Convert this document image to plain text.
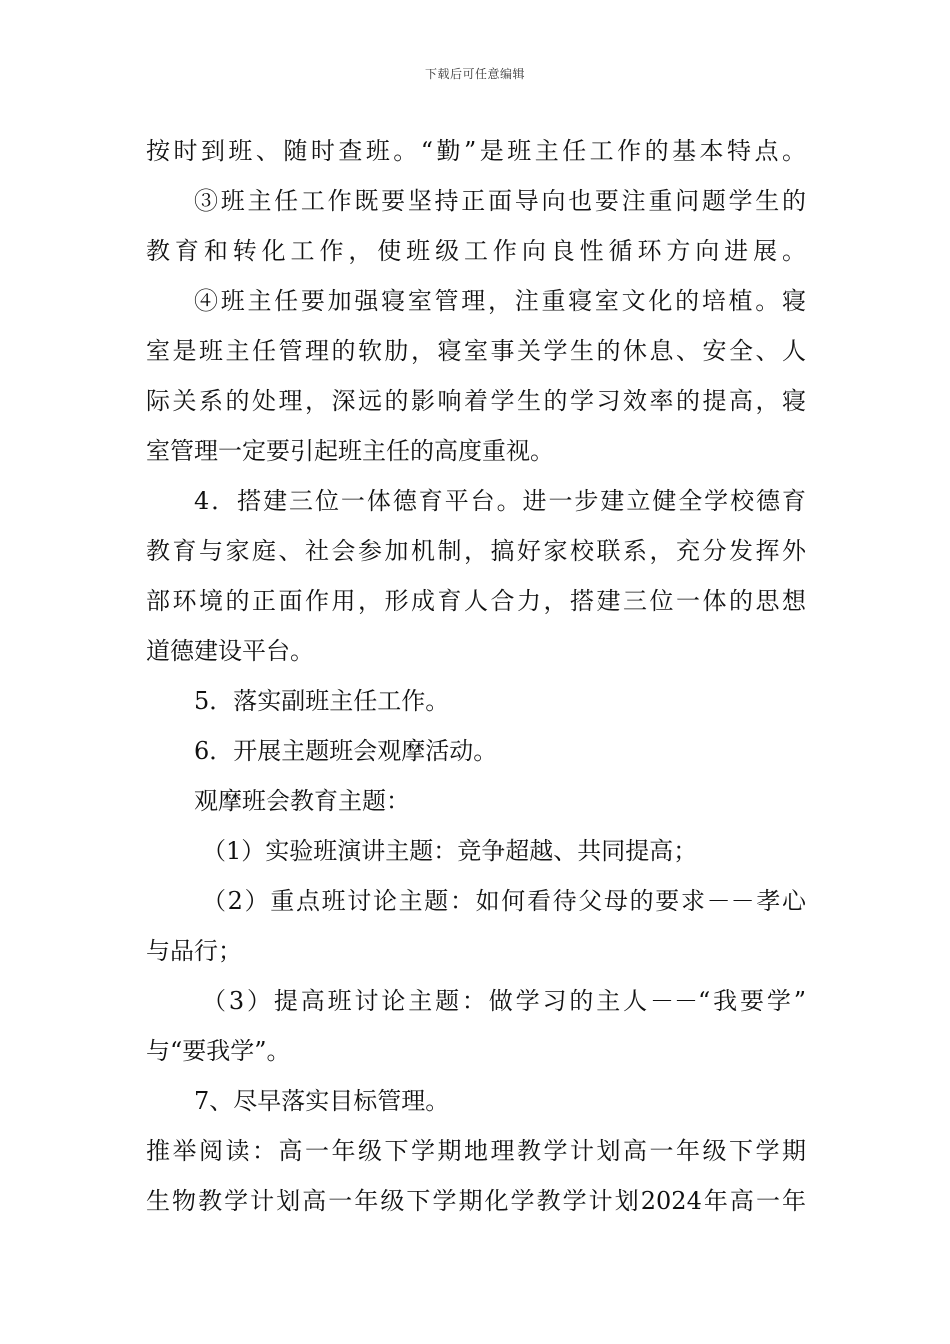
下载后可任意编辑
按时到班、随时查班。“勤”是班主任工作的基本特点。
③班主任工作既要坚持正面导向也要注重问题学生的
教育和转化工作，使班级工作向良性循环方向进展。
④班主任要加强寝室管理，注重寝室文化的培植。寝
室是班主任管理的软肋，寝室事关学生的休息、安全、人
际关系的处理，深远的影响着学生的学习效率的提高，寝
室管理一定要引起班主任的高度重视。
4．搭建三位一体德育平台。进一步建立健全学校德育
教育与家庭、社会参加机制，搞好家校联系，充分发挥外
部环境的正面作用，形成育人合力，搭建三位一体的思想
道德建设平台。
5．落实副班主任工作。
6．开展主题班会观摩活动。
观摩班会教育主题：
（1）实验班演讲主题：竞争超越、共同提高；
（2）重点班讨论主题：如何看待父母的要求－－孝心
与品行；
（3）提高班讨论主题：做学习的主人－－“我要学”
与“要我学”。
7、尽早落实目标管理。
推举阅读：高一年级下学期地理教学计划高一年级下学期
生物教学计划高一年级下学期化学教学计划2024年高一年
